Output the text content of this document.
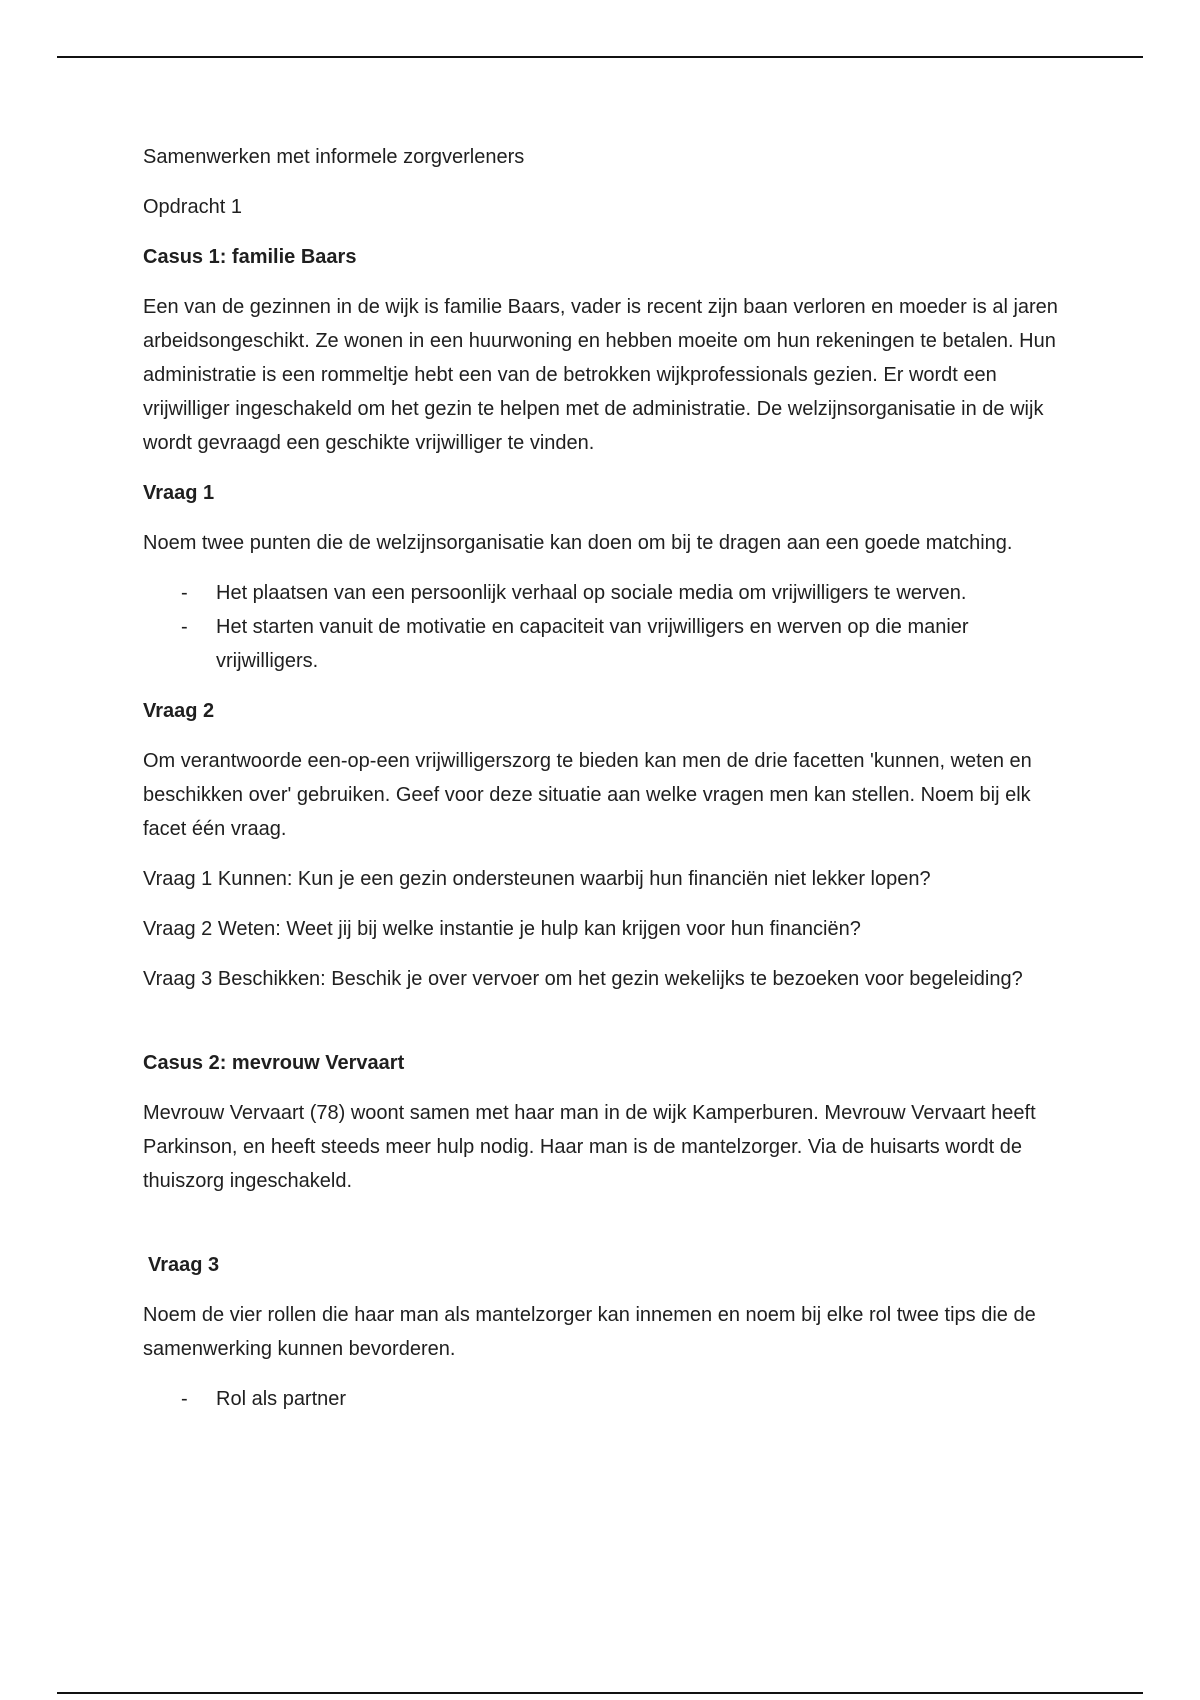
Samenwerken met informele zorgverleners

Opdracht 1

Casus 1: familie Baars

Een van de gezinnen in de wijk is familie Baars, vader is recent zijn baan verloren en moeder is al jaren arbeidsongeschikt. Ze wonen in een huurwoning en hebben moeite om hun rekeningen te betalen. Hun administratie is een rommeltje hebt een van de betrokken wijkprofessionals gezien. Er wordt een vrijwilliger ingeschakeld om het gezin te helpen met de administratie. De welzijnsorganisatie in de wijk wordt gevraagd een geschikte vrijwilliger te vinden.

Vraag 1

Noem twee punten die de welzijnsorganisatie kan doen om bij te dragen aan een goede matching.

- Het plaatsen van een persoonlijk verhaal op sociale media om vrijwilligers te werven.
- Het starten vanuit de motivatie en capaciteit van vrijwilligers en werven op die manier vrijwilligers.

Vraag 2

Om verantwoorde een-op-een vrijwilligerszorg te bieden kan men de drie facetten 'kunnen, weten en beschikken over' gebruiken. Geef voor deze situatie aan welke vragen men kan stellen. Noem bij elk facet één vraag.

Vraag 1 Kunnen: Kun je een gezin ondersteunen waarbij hun financiën niet lekker lopen?

Vraag 2 Weten: Weet jij bij welke instantie je hulp kan krijgen voor hun financiën?

Vraag 3 Beschikken: Beschik je over vervoer om het gezin wekelijks te bezoeken voor begeleiding?

Casus 2: mevrouw Vervaart

Mevrouw Vervaart (78) woont samen met haar man in de wijk Kamperburen. Mevrouw Vervaart heeft Parkinson, en heeft steeds meer hulp nodig. Haar man is de mantelzorger. Via de huisarts wordt de thuiszorg ingeschakeld.

Vraag 3

Noem de vier rollen die haar man als mantelzorger kan innemen en noem bij elke rol twee tips die de samenwerking kunnen bevorderen.

- Rol als partner
